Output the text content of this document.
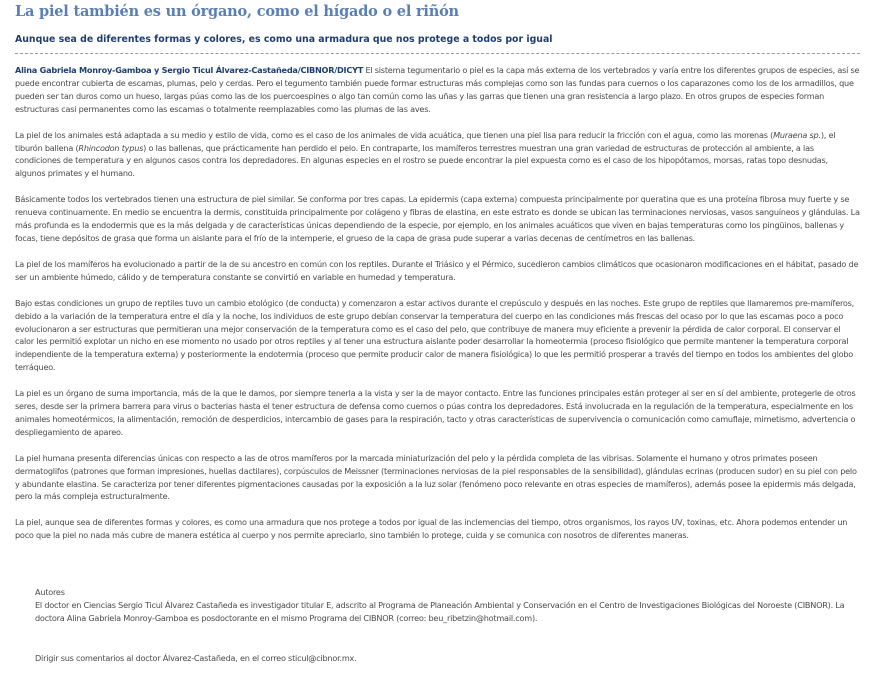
La piel también es un órgano, como el hígado o el riñón
Aunque sea de diferentes formas y colores, es como una armadura que nos protege a todos por igual

Alina Gabriela Monroy-Gamboa y Sergio Ticul Álvarez-Castañeda/CIBNOR/DICYT El sistema tegumentario o piel es la capa más externa de los vertebrados y varía entre los diferentes grupos de especies, así se puede encontrar cubierta de escamas, plumas, pelo y cerdas. Pero el tegumento también puede formar estructuras más complejas como son las fundas para cuernos o los caparazones como los de los armadillos, que pueden ser tan duros como un hueso, largas púas como las de los puercoespines o algo tan común como las uñas y las garras que tienen una gran resistencia a largo plazo. En otros grupos de especies forman estructuras casi permanentes como las escamas o totalmente reemplazables como las plumas de las aves.

La piel de los animales está adaptada a su medio y estilo de vida, como es el caso de los animales de vida acuática, que tienen una piel lisa para reducir la fricción con el agua, como las morenas (Muraena sp.), el tiburón ballena (Rhincodon typus) o las ballenas, que prácticamente han perdido el pelo. En contraparte, los mamíferos terrestres muestran una gran variedad de estructuras de protección al ambiente, a las condiciones de temperatura y en algunos casos contra los depredadores. En algunas especies en el rostro se puede encontrar la piel expuesta como es el caso de los hipopótamos, morsas, ratas topo desnudas, algunos primates y el humano.

Básicamente todos los vertebrados tienen una estructura de piel similar. Se conforma por tres capas. La epidermis (capa externa) compuesta principalmente por queratina que es una proteína fibrosa muy fuerte y se renueva continuamente. En medio se encuentra la dermis, constituida principalmente por colágeno y fibras de elastina, en este estrato es donde se ubican las terminaciones nerviosas, vasos sanguíneos y glándulas. La más profunda es la endodermis que es la más delgada y de características únicas dependiendo de la especie, por ejemplo, en los animales acuáticos que viven en bajas temperaturas como los pingüinos, ballenas y focas, tiene depósitos de grasa que forma un aislante para el frío de la intemperie, el grueso de la capa de grasa pude superar a varias decenas de centímetros en las ballenas.

La piel de los mamíferos ha evolucionado a partir de la de su ancestro en común con los reptiles. Durante el Triásico y el Pérmico, sucedieron cambios climáticos que ocasionaron modificaciones en el hábitat, pasado de ser un ambiente húmedo, cálido y de temperatura constante se convirtió en variable en humedad y temperatura.

Bajo estas condiciones un grupo de reptiles tuvo un cambio etológico (de conducta) y comenzaron a estar activos durante el crepúsculo y después en las noches. Este grupo de reptiles que llamaremos pre-mamíferos, debido a la variación de la temperatura entre el día y la noche, los individuos de este grupo debían conservar la temperatura del cuerpo en las condiciones más frescas del ocaso por lo que las escamas poco a poco evolucionaron a ser estructuras que permitieran una mejor conservación de la temperatura como es el caso del pelo, que contribuye de manera muy eficiente a prevenir la pérdida de calor corporal. El conservar el calor les permitió explotar un nicho en ese momento no usado por otros reptiles y al tener una estructura aislante poder desarrollar la homeotermia (proceso fisiológico que permite mantener la temperatura corporal independiente de la temperatura externa) y posteriormente la endotermia (proceso que permite producir calor de manera fisiológica) lo que les permitió prosperar a través del tiempo en todos los ambientes del globo terráqueo.

La piel es un órgano de suma importancia, más de la que le damos, por siempre tenerla a la vista y ser la de mayor contacto. Entre las funciones principales están proteger al ser en sí del ambiente, protegerle de otros seres, desde ser la primera barrera para virus o bacterias hasta el tener estructura de defensa como cuernos o púas contra los depredadores. Está involucrada en la regulación de la temperatura, especialmente en los animales homeotérmicos, la alimentación, remoción de desperdicios, intercambio de gases para la respiración, tacto y otras características de supervivencia o comunicación como camuflaje, mimetismo, advertencia o despliegamiento de apareo.

La piel humana presenta diferencias únicas con respecto a las de otros mamíferos por la marcada miniaturización del pelo y la pérdida completa de las vibrisas. Solamente el humano y otros primates poseen dermatoglifos (patrones que forman impresiones, huellas dactilares), corpúsculos de Meissner (terminaciones nerviosas de la piel responsables de la sensibilidad), glándulas ecrinas (producen sudor) en su piel con pelo y abundante elastina. Se caracteriza por tener diferentes pigmentaciones causadas por la exposición a la luz solar (fenómeno poco relevante en otras especies de mamíferos), además posee la epidermis más delgada, pero la más compleja estructuralmente.

La piel, aunque sea de diferentes formas y colores, es como una armadura que nos protege a todos por igual de las inclemencias del tiempo, otros organismos, los rayos UV, toxinas, etc. Ahora podemos entender un poco que la piel no nada más cubre de manera estética al cuerpo y nos permite apreciarlo, sino también lo protege, cuida y se comunica con nosotros de diferentes maneras.

Autores

El doctor en Ciencias Sergio Ticul Álvarez Castañeda es investigador titular E, adscrito al Programa de Planeación Ambiental y Conservación en el Centro de Investigaciones Biológicas del Noroeste (CIBNOR). La doctora Alina Gabriela Monroy-Gamboa es posdoctorante en el mismo Programa del CIBNOR (correo: beu_ribetzin@hotmail.com).

Dirigir sus comentarios al doctor Álvarez-Castañeda, en el correo sticul@cibnor.mx.
